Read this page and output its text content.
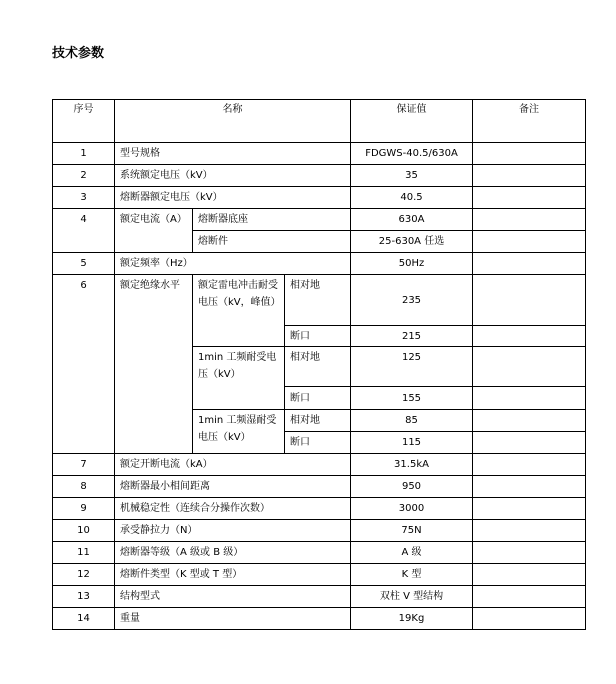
技术参数
序号	名称			保证值	备注
1	型号规格			FDGWS-40.5/630A	
2	系统额定电压（kV）			35	
3	熔断器额定电压（kV）			40.5	
4	额定电流（A）	熔断器底座		630A	
		熔断件		25-630A 任选	
5	额定频率（Hz）			50Hz	
6	额定绝缘水平	额定雷电冲击耐受电压（kV，峰值）	相对地	235	
			断口	215	
		1min 工频耐受电压（kV）	相对地	125	
			断口	155	
		1min 工频湿耐受电压（kV）	相对地	85	
			断口	115	
7	额定开断电流（kA）			31.5kA	
8	熔断器最小相间距离			950	
9	机械稳定性（连续合分操作次数）			3000	
10	承受静拉力（N）			75N	
11	熔断器等级（A 级或 B 级）			A 级	
12	熔断件类型（K 型或 T 型）			K 型	
13	结构型式			双柱 V 型结构	
14	重量			19Kg	
